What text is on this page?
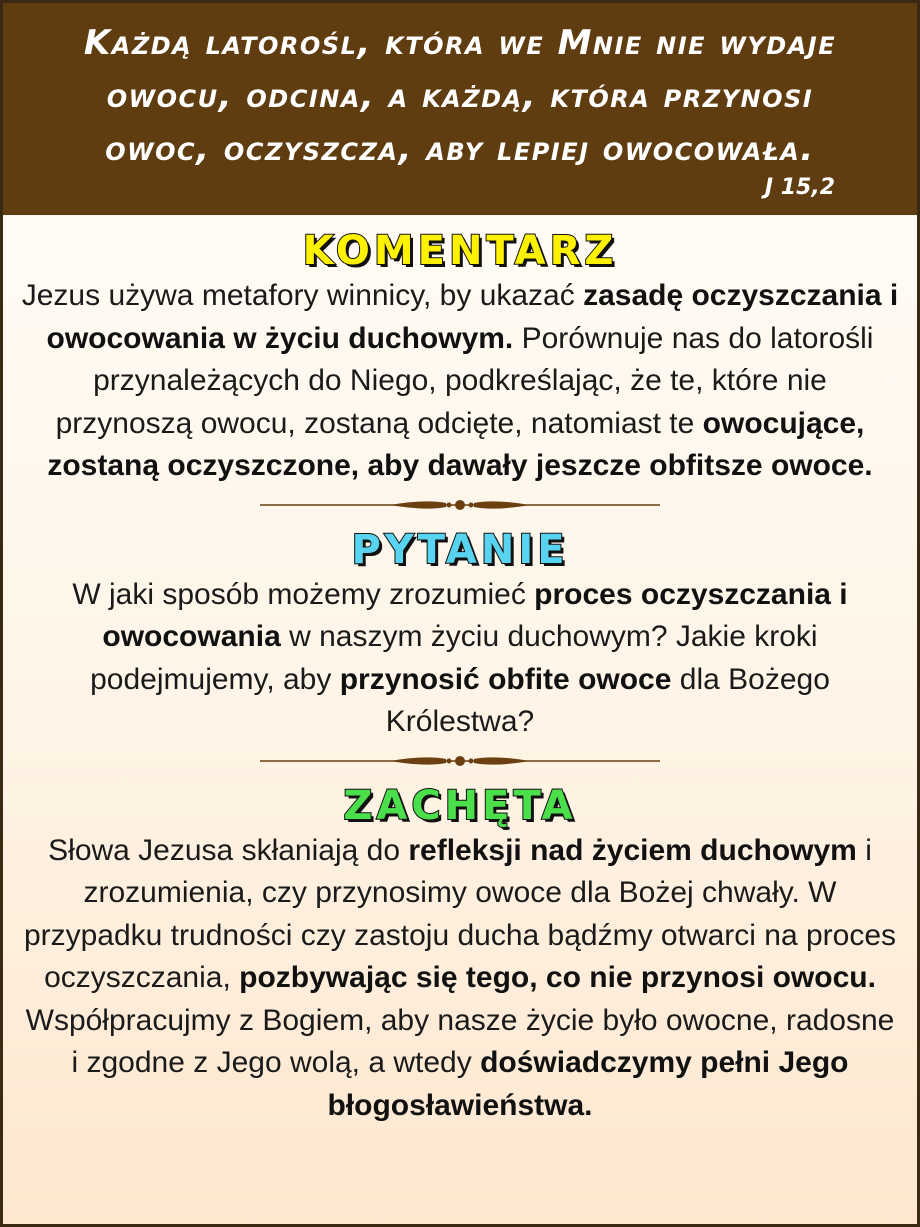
Każdą latorośl, która we Mnie nie wydaje
owocu, odcina, a każdą, która przynosi
owoc, oczyszcza, aby lepiej owocowała.
J 15,2
KOMENTARZ

Jezus używa metafory winnicy, by ukazać zasadę oczyszczania i owocowania w życiu duchowym. Porównuje nas do latorośli przynależących do Niego, podkreślając, że te, które nie przynoszą owocu, zostaną odcięte, natomiast te owocujące, zostaną oczyszczone, aby dawały jeszcze obfitsze owoce.

PYTANIE

W jaki sposób możemy zrozumieć proces oczyszczania i owocowania w naszym życiu duchowym? Jakie kroki podejmujemy, aby przynosić obfite owoce dla Bożego Królestwa?

ZACHĘTA

Słowa Jezusa skłaniają do refleksji nad życiem duchowym i zrozumienia, czy przynosimy owoce dla Bożej chwały. W przypadku trudności czy zastoju ducha bądźmy otwarci na proces oczyszczania, pozbywając się tego, co nie przynosi owocu. Współpracujmy z Bogiem, aby nasze życie było owocne, radosne i zgodne z Jego wolą, a wtedy doświadczymy pełni Jego błogosławieństwa.
